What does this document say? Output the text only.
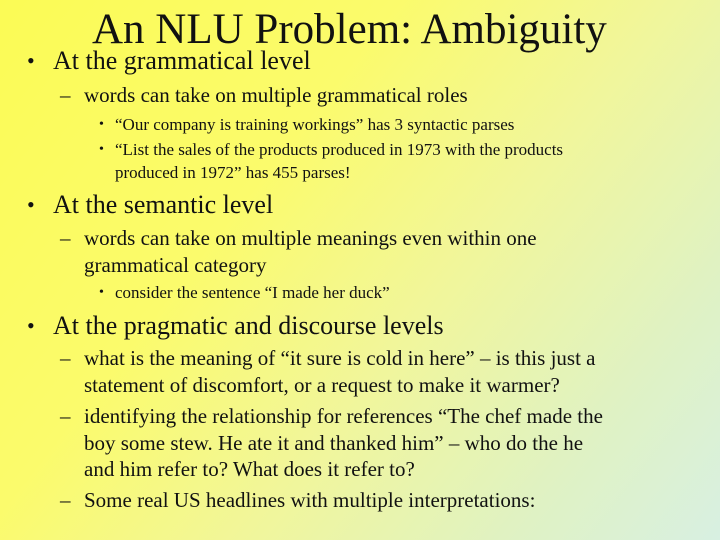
An NLU Problem: Ambiguity
• At the grammatical level

– words can take on multiple grammatical roles

• “Our company is training workings” has 3 syntactic parses

• “List the sales of the products produced in 1973 with the products

produced in 1972” has 455 parses!

• At the semantic level

– words can take on multiple meanings even within one

grammatical category

• consider the sentence “I made her duck”

• At the pragmatic and discourse levels

– what is the meaning of “it sure is cold in here” – is this just a

statement of discomfort, or a request to make it warmer?

– identifying the relationship for references “The chef made the

boy some stew. He ate it and thanked him” – who do the he

and him refer to? What does it refer to?

– Some real US headlines with multiple interpretations:
